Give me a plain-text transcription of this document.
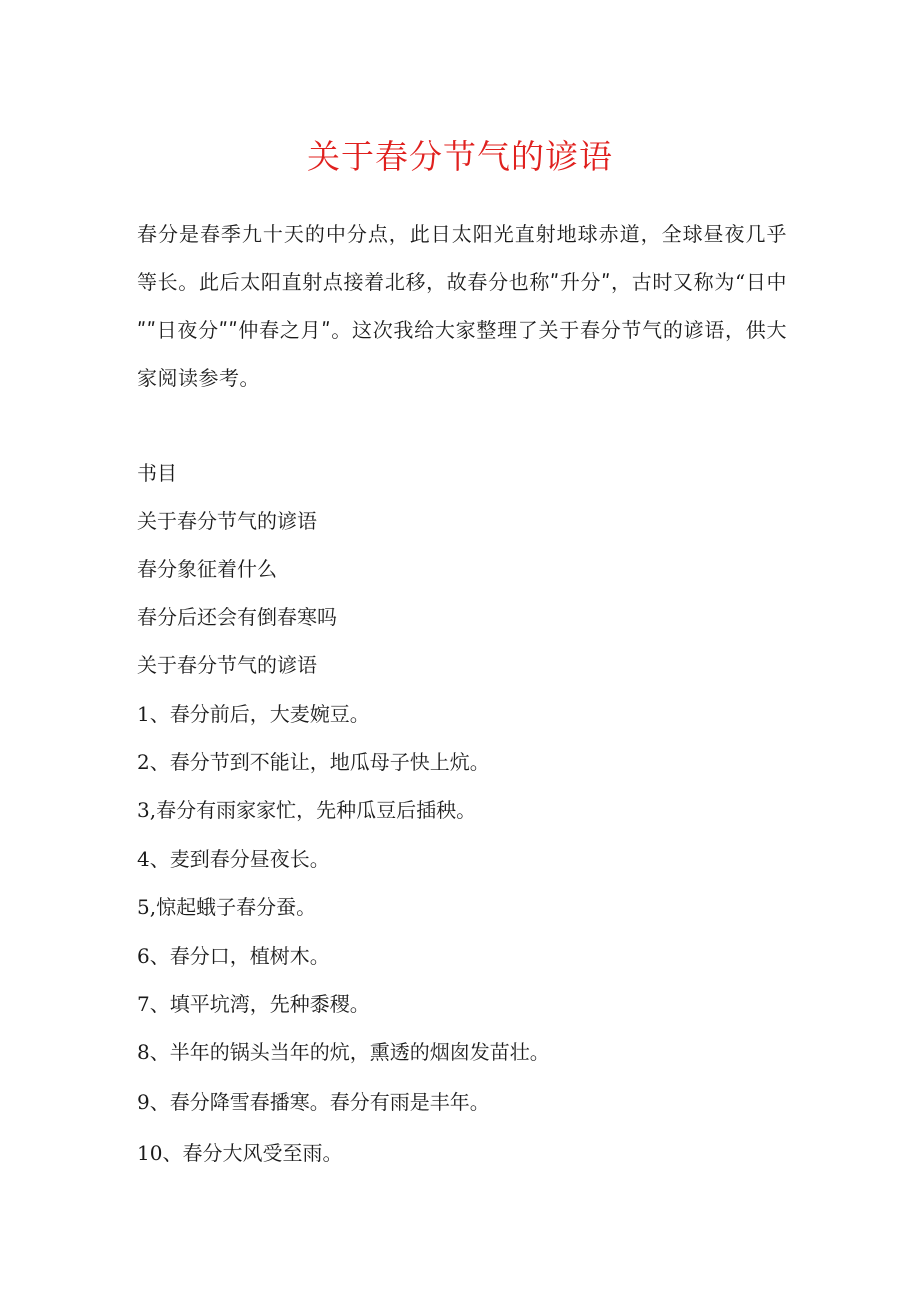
关于春分节气的谚语
春分是春季九十天的中分点，此日太阳光直射地球赤道，全球昼夜几乎等长。此后太阳直射点接着北移，故春分也称ʺ升分ʺ，古时又称为“日中ʺʺ日夜分ʺʺ仲春之月ʺ。这次我给大家整理了关于春分节气的谚语，供大家阅读参考。
书目
关于春分节气的谚语
春分象征着什么
春分后还会有倒春寒吗
关于春分节气的谚语
1、春分前后，大麦婉豆。
2、春分节到不能让，地瓜母子快上炕。
3,春分有雨家家忙，先种瓜豆后插秧。
4、麦到春分昼夜长。
5,惊起蛾子春分蚕。
6、春分口，植树木。
7、填平坑湾，先种黍稷。
8、半年的锅头当年的炕，熏透的烟囱发苗壮。
9、春分降雪春播寒。春分有雨是丰年。
10、春分大风受至雨。
